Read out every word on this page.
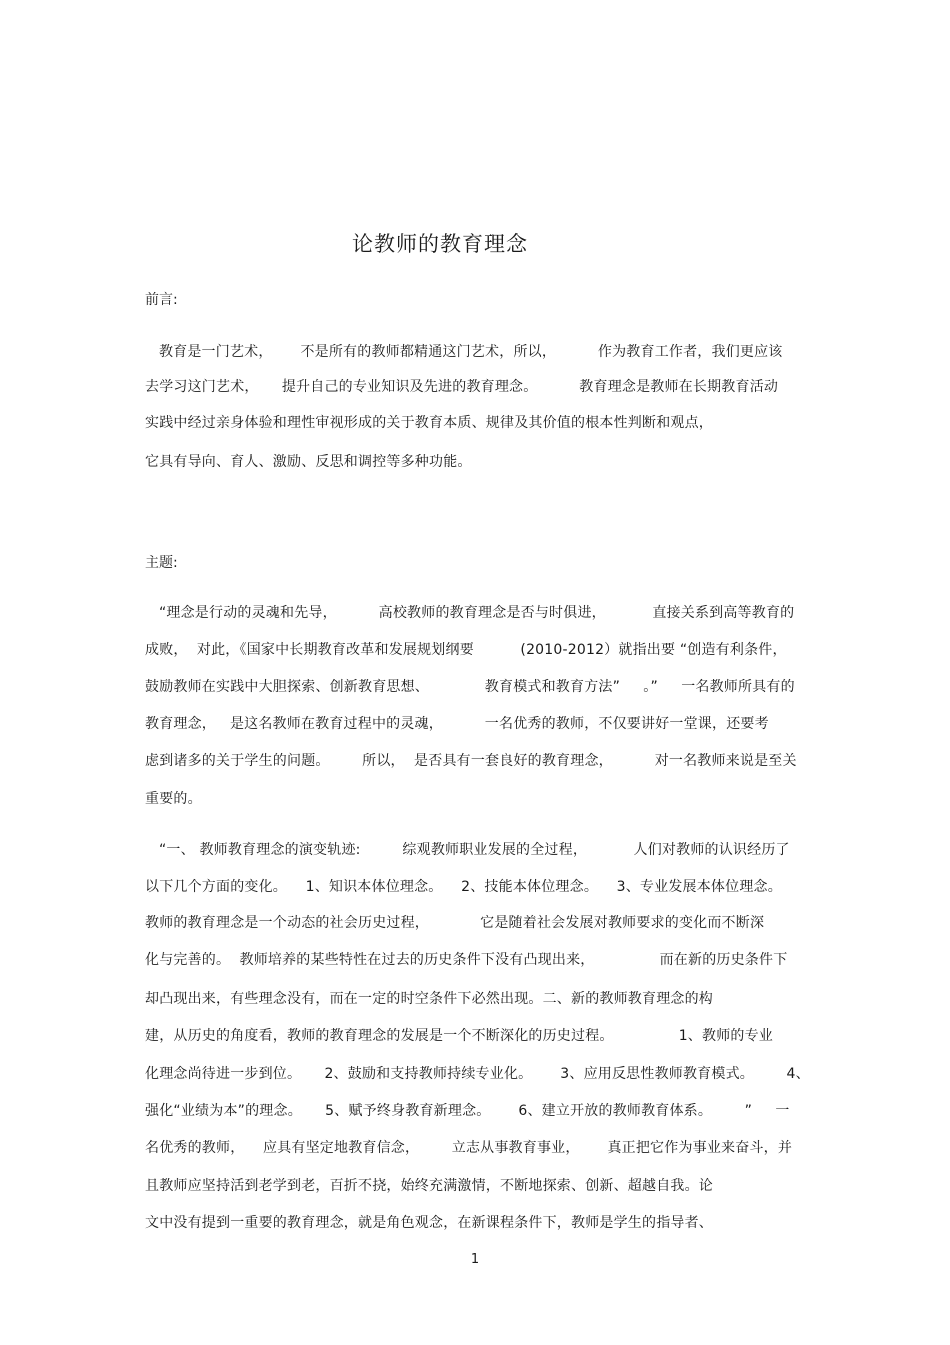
论教师的教育理念
前言:
教育是一门艺术，      不是所有的教师都精通这门艺术，所以，         作为教育工作者，我们更应该
去学习这门艺术，     提升自己的专业知识及先进的教育理念。         教育理念是教师在长期教育活动
实践中经过亲身体验和理性审视形成的关于教育本质、规律及其价值的根本性判断和观点，
它具有导向、育人、激励、反思和调控等多种功能。
主题:
“理念是行动的灵魂和先导，         高校教师的教育理念是否与时俱进，          直接关系到高等教育的
成败，  对此，《国家中长期教育改革和发展规划纲要          (2010-2012）就指出要 “创造有利条件，
鼓励教师在实践中大胆探索、创新教育思想、            教育模式和教育方法”     。”     一名教师所具有的
教育理念，   是这名教师在教育过程中的灵魂，         一名优秀的教师，不仅要讲好一堂课，还要考
虑到诸多的关于学生的问题。       所以，  是否具有一套良好的教育理念，         对一名教师来说是至关
重要的。
“一、 教师教育理念的演变轨迹:         综观教师职业发展的全过程，          人们对教师的认识经历了
以下几个方面的变化。    1、知识本体位理念。    2、技能本体位理念。    3、专业发展本体位理念。
教师的教育理念是一个动态的社会历史过程，           它是随着社会发展对教师要求的变化而不断深
化与完善的。  教师培养的某些特性在过去的历史条件下没有凸现出来，              而在新的历史条件下
却凸现出来，有些理念没有，而在一定的时空条件下必然出现。二、新的教师教育理念的构
建，从历史的角度看，教师的教育理念的发展是一个不断深化的历史过程。              1、教师的专业
化理念尚待进一步到位。     2、鼓励和支持教师持续专业化。      3、应用反思性教师教育模式。       4、
强化“业绩为本”的理念。     5、赋予终身教育新理念。      6、建立开放的教师教育体系。       ”     一
名优秀的教师，    应具有坚定地教育信念，       立志从事教育事业，      真正把它作为事业来奋斗，并
且教师应坚持活到老学到老，百折不挠，始终充满激情，不断地探索、创新、超越自我。论
文中没有提到一重要的教育理念，就是角色观念，在新课程条件下，教师是学生的指导者、
1
